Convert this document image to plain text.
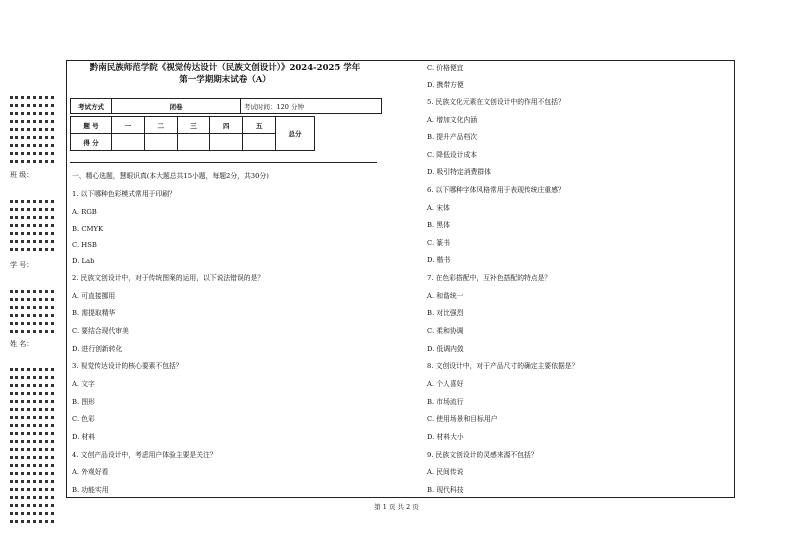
班 级：
学 号：
姓 名：
黔南民族师范学院《视觉传达设计（民族文创设计）》2024-2025 学年
第一学期期末试卷（A）
考试方式	闭卷	考试时间：120 分钟
题 号	一	二	三	四	五	总分
得 分						
一、精心选题，慧眼识真(本大题总共15小题，每题2分，共30分)
1. 以下哪种色彩模式常用于印刷？
A. RGB
B. CMYK
C. HSB
D. Lab
2. 民族文创设计中，对于传统图案的运用，以下说法错误的是？
A. 可直接挪用
B. 需提取精华
C. 要结合现代审美
D. 进行创新转化
3. 视觉传达设计的核心要素不包括？
A. 文字
B. 图形
C. 色彩
D. 材料
4. 文创产品设计中，考虑用户体验主要是关注？
A. 外观好看
B. 功能实用
C. 价格便宜
D. 携带方便
5. 民族文化元素在文创设计中的作用不包括？
A. 增加文化内涵
B. 提升产品档次
C. 降低设计成本
D. 吸引特定消费群体
6. 以下哪种字体风格常用于表现传统庄重感？
A. 宋体
B. 黑体
C. 篆书
D. 楷书
7. 在色彩搭配中，互补色搭配的特点是？
A. 和谐统一
B. 对比强烈
C. 柔和协调
D. 低调内敛
8. 文创设计中，对于产品尺寸的确定主要依据是？
A. 个人喜好
B. 市场流行
C. 使用场景和目标用户
D. 材料大小
9. 民族文创设计的灵感来源不包括？
A. 民间传说
B. 现代科技
第 1 页 共 2 页
